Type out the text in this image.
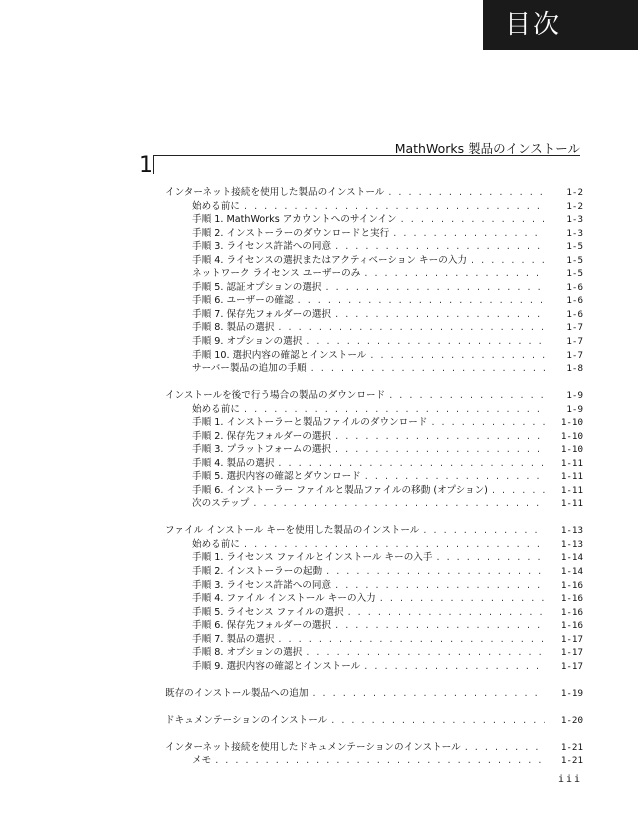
目次
MathWorks 製品のインストール
1
インターネット接続を使用した製品のインストール . . .	1-2
始める前に . . .	1-2
手順 1. MathWorks アカウントへのサインイン . . .	1-3
手順 2. インストーラーのダウンロードと実行 . . .	1-3
手順 3. ライセンス許諾への同意 . . .	1-5
手順 4. ライセンスの選択またはアクティベーション キーの入力 . . .	1-5
ネットワーク ライセンス ユーザーのみ . . .	1-5
手順 5. 認証オプションの選択 . . .	1-6
手順 6. ユーザーの確認 . . .	1-6
手順 7. 保存先フォルダーの選択 . . .	1-6
手順 8. 製品の選択 . . .	1-7
手順 9. オプションの選択 . . .	1-7
手順 10. 選択内容の確認とインストール . . .	1-7
サーバー製品の追加の手順 . . .	1-8
インストールを後で行う場合の製品のダウンロード . . .	1-9
始める前に . . .	1-9
手順 1. インストーラーと製品ファイルのダウンロード . . .	1-10
手順 2. 保存先フォルダーの選択 . . .	1-10
手順 3. プラットフォームの選択 . . .	1-10
手順 4. 製品の選択 . . .	1-11
手順 5. 選択内容の確認とダウンロード . . .	1-11
手順 6. インストーラー ファイルと製品ファイルの移動 (オプション) . . .	1-11
次のステップ . . .	1-11
ファイル インストール キーを使用した製品のインストール . . .	1-13
始める前に . . .	1-13
手順 1. ライセンス ファイルとインストール キーの入手 . . .	1-14
手順 2. インストーラーの起動 . . .	1-14
手順 3. ライセンス許諾への同意 . . .	1-16
手順 4. ファイル インストール キーの入力 . . .	1-16
手順 5. ライセンス ファイルの選択 . . .	1-16
手順 6. 保存先フォルダーの選択 . . .	1-16
手順 7. 製品の選択 . . .	1-17
手順 8. オプションの選択 . . .	1-17
手順 9. 選択内容の確認とインストール . . .	1-17
既存のインストール製品への追加 . . .	1-19
ドキュメンテーションのインストール . . .	1-20
インターネット接続を使用したドキュメンテーションのインストール . . .	1-21
メモ . . .	1-21
iii
